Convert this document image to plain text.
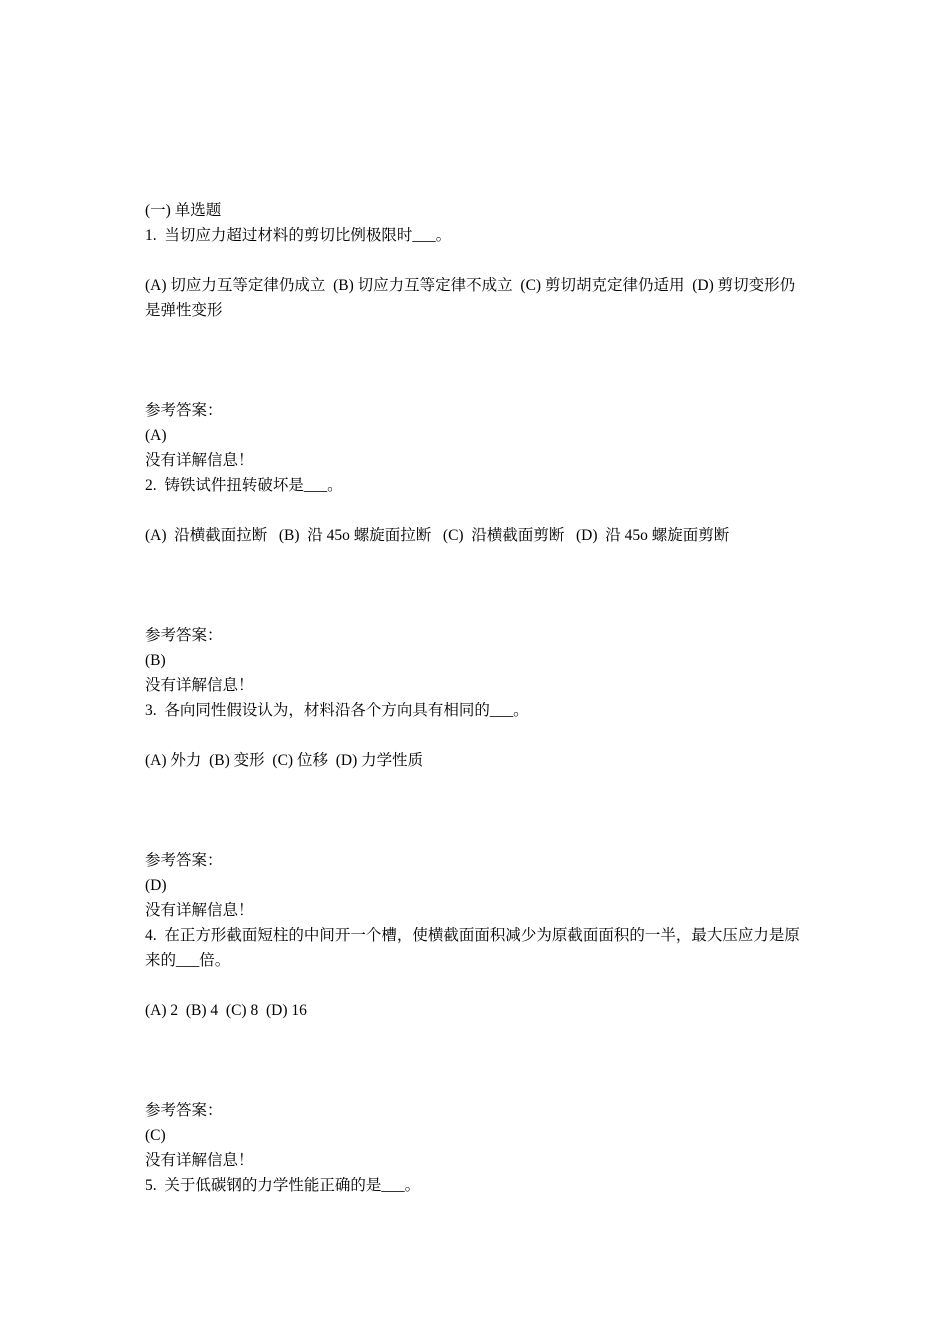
(一) 单选题
1.  当切应力超过材料的剪切比例极限时___。
(A) 切应力互等定律仍成立  (B) 切应力互等定律不成立  (C) 剪切胡克定律仍适用  (D) 剪切变形仍是弹性变形
参考答案：
(A)
没有详解信息！
2.  铸铁试件扭转破坏是___。
(A)  沿横截面拉断   (B)  沿 45o 螺旋面拉断   (C)  沿横截面剪断   (D)  沿 45o 螺旋面剪断
参考答案：
(B)
没有详解信息！
3.  各向同性假设认为，材料沿各个方向具有相同的___。
(A) 外力  (B) 变形  (C) 位移  (D) 力学性质
参考答案：
(D)
没有详解信息！
4.  在正方形截面短柱的中间开一个槽，使横截面面积减少为原截面面积的一半，最大压应力是原来的___倍。
(A) 2  (B) 4  (C) 8  (D) 16
参考答案：
(C)
没有详解信息！
5.  关于低碳钢的力学性能正确的是___。
